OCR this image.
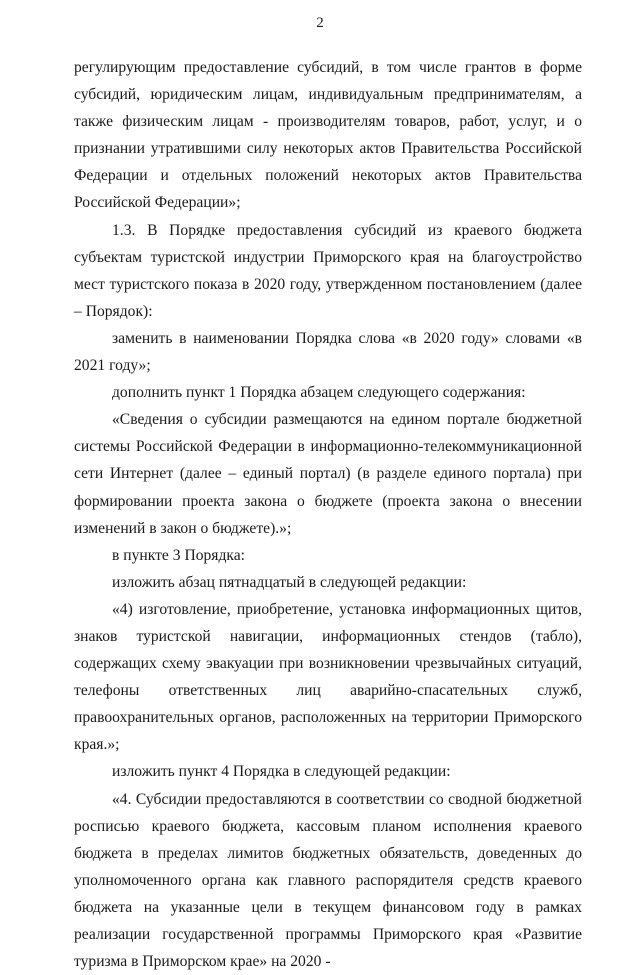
2

регулирующим предоставление субсидий, в том числе грантов в форме субсидий, юридическим лицам, индивидуальным предпринимателям, а также физическим лицам - производителям товаров, работ, услуг, и о признании утратившими силу некоторых актов Правительства Российской Федерации и отдельных положений некоторых актов Правительства Российской Федерации»;

1.3. В Порядке предоставления субсидий из краевого бюджета субъектам туристской индустрии Приморского края на благоустройство мест туристского показа в 2020 году, утвержденном постановлением (далее – Порядок):

заменить в наименовании Порядка слова «в 2020 году» словами «в 2021 году»;

дополнить пункт 1 Порядка абзацем следующего содержания:

«Сведения о субсидии размещаются на едином портале бюджетной системы Российской Федерации в информационно-телекоммуникационной сети Интернет (далее – единый портал) (в разделе единого портала) при формировании проекта закона о бюджете (проекта закона о внесении изменений в закон о бюджете).»;

в пункте 3 Порядка:

изложить абзац пятнадцатый в следующей редакции:

«4) изготовление, приобретение, установка информационных щитов, знаков туристской навигации, информационных стендов (табло), содержащих схему эвакуации при возникновении чрезвычайных ситуаций, телефоны ответственных лиц аварийно-спасательных служб, правоохранительных органов, расположенных на территории Приморского края.»;

изложить пункт 4 Порядка в следующей редакции:

«4. Субсидии предоставляются в соответствии со сводной бюджетной росписью краевого бюджета, кассовым планом исполнения краевого бюджета в пределах лимитов бюджетных обязательств, доведенных до уполномоченного органа как главного распорядителя средств краевого бюджета на указанные цели в текущем финансовом году в рамках реализации государственной программы Приморского края «Развитие туризма в Приморском крае» на 2020 -
